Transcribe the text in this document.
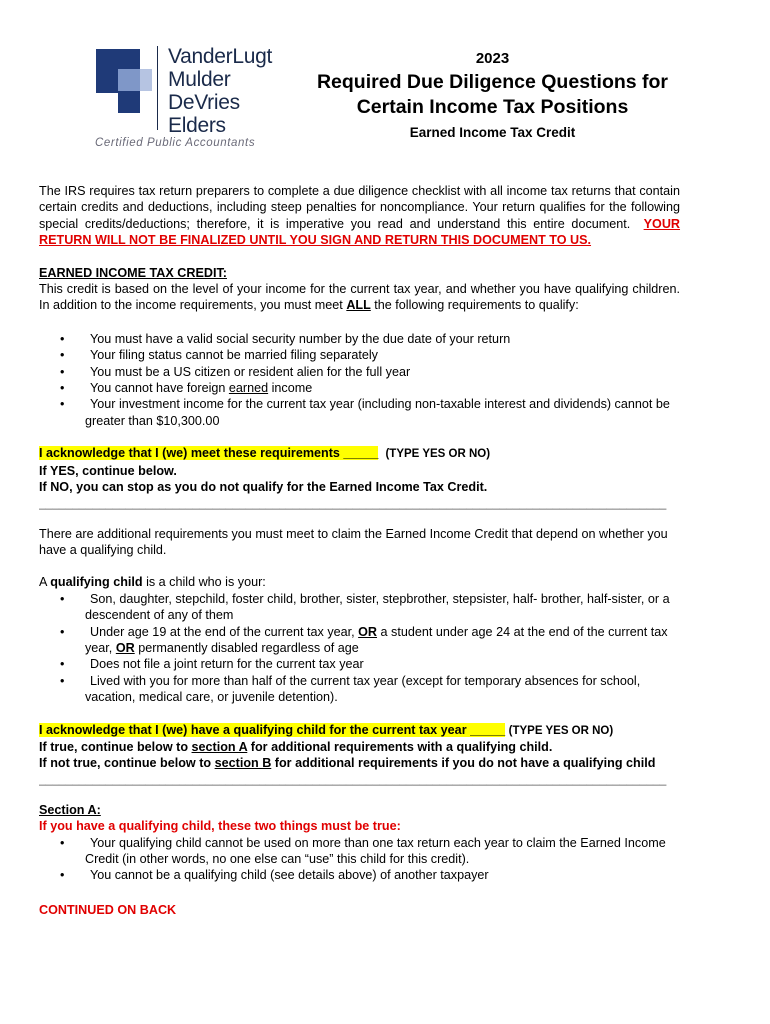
VanderLugt
Mulder
DeVries
Elders
Certified Public Accountants
2023
Required Due Diligence Questions for
Certain Income Tax Positions
Earned Income Tax Credit

The IRS requires tax return preparers to complete a due diligence checklist with all income tax returns that contain certain credits and deductions, including steep penalties for noncompliance. Your return qualifies for the following special credits/deductions; therefore, it is imperative you read and understand this entire document. YOUR RETURN WILL NOT BE FINALIZED UNTIL YOU SIGN AND RETURN THIS DOCUMENT TO US.

EARNED INCOME TAX CREDIT:

This credit is based on the level of your income for the current tax year, and whether you have qualifying children. In addition to the income requirements, you must meet ALL the following requirements to qualify:

• You must have a valid social security number by the due date of your return
• Your filing status cannot be married filing separately
• You must be a US citizen or resident alien for the full year
• You cannot have foreign earned income
• Your investment income for the current tax year (including non-taxable interest and dividends) cannot be greater than $10,300.00

I acknowledge that I (we) meet these requirements _____ (TYPE YES OR NO)

If YES, continue below.

If NO, you can stop as you do not qualify for the Earned Income Tax Credit.

______________________________________________________________________________________________

There are additional requirements you must meet to claim the Earned Income Credit that depend on whether you have a qualifying child.

A qualifying child is a child who is your:

• Son, daughter, stepchild, foster child, brother, sister, stepbrother, stepsister, half- brother, half-sister, or a descendent of any of them
• Under age 19 at the end of the current tax year, OR a student under age 24 at the end of the current tax year, OR permanently disabled regardless of age
• Does not file a joint return for the current tax year
• Lived with you for more than half of the current tax year (except for temporary absences for school, vacation, medical care, or juvenile detention).

I acknowledge that I (we) have a qualifying child for the current tax year _____ (TYPE YES OR NO)

If true, continue below to section A for additional requirements with a qualifying child.

If not true, continue below to section B for additional requirements if you do not have a qualifying child

______________________________________________________________________________________________

Section A:

If you have a qualifying child, these two things must be true:

• Your qualifying child cannot be used on more than one tax return each year to claim the Earned Income Credit (in other words, no one else can “use” this child for this credit).
• You cannot be a qualifying child (see details above) of another taxpayer

CONTINUED ON BACK
